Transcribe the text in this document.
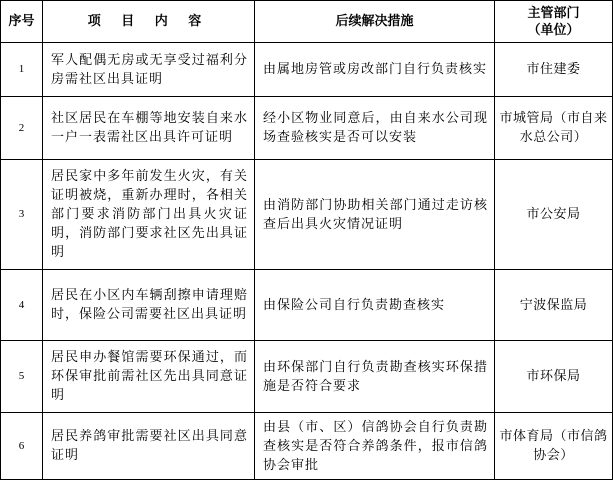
序号	项 目 内 容	后续解决措施	主管部门
（单位）

1	军人配偶无房或无享受过福利分房需社区出具证明	由属地房管或房改部门自行负责核实	市住建委
2	社区居民在车棚等地安装自来水一户一表需社区出具许可证明	经小区物业同意后，由自来水公司现场查验核实是否可以安装	市城管局（市自来水总公司）
3	居民家中多年前发生火灾，有关证明被烧，重新办理时，各相关部门要求消防部门出具火灾证明，消防部门要求社区先出具证明	由消防部门协助相关部门通过走访核查后出具火灾情况证明	市公安局
4	居民在小区内车辆刮擦申请理赔时，保险公司需要社区出具证明	由保险公司自行负责勘查核实	宁波保监局
5	居民申办餐馆需要环保通过，而环保审批前需社区先出具同意证明	由环保部门自行负责勘查核实环保措施是否符合要求	市环保局
6	居民养鸽审批需要社区出具同意证明	由县（市、区）信鸽协会自行负责勘查核实是否符合养鸽条件，报市信鸽协会审批	市体育局（市信鸽协会）
